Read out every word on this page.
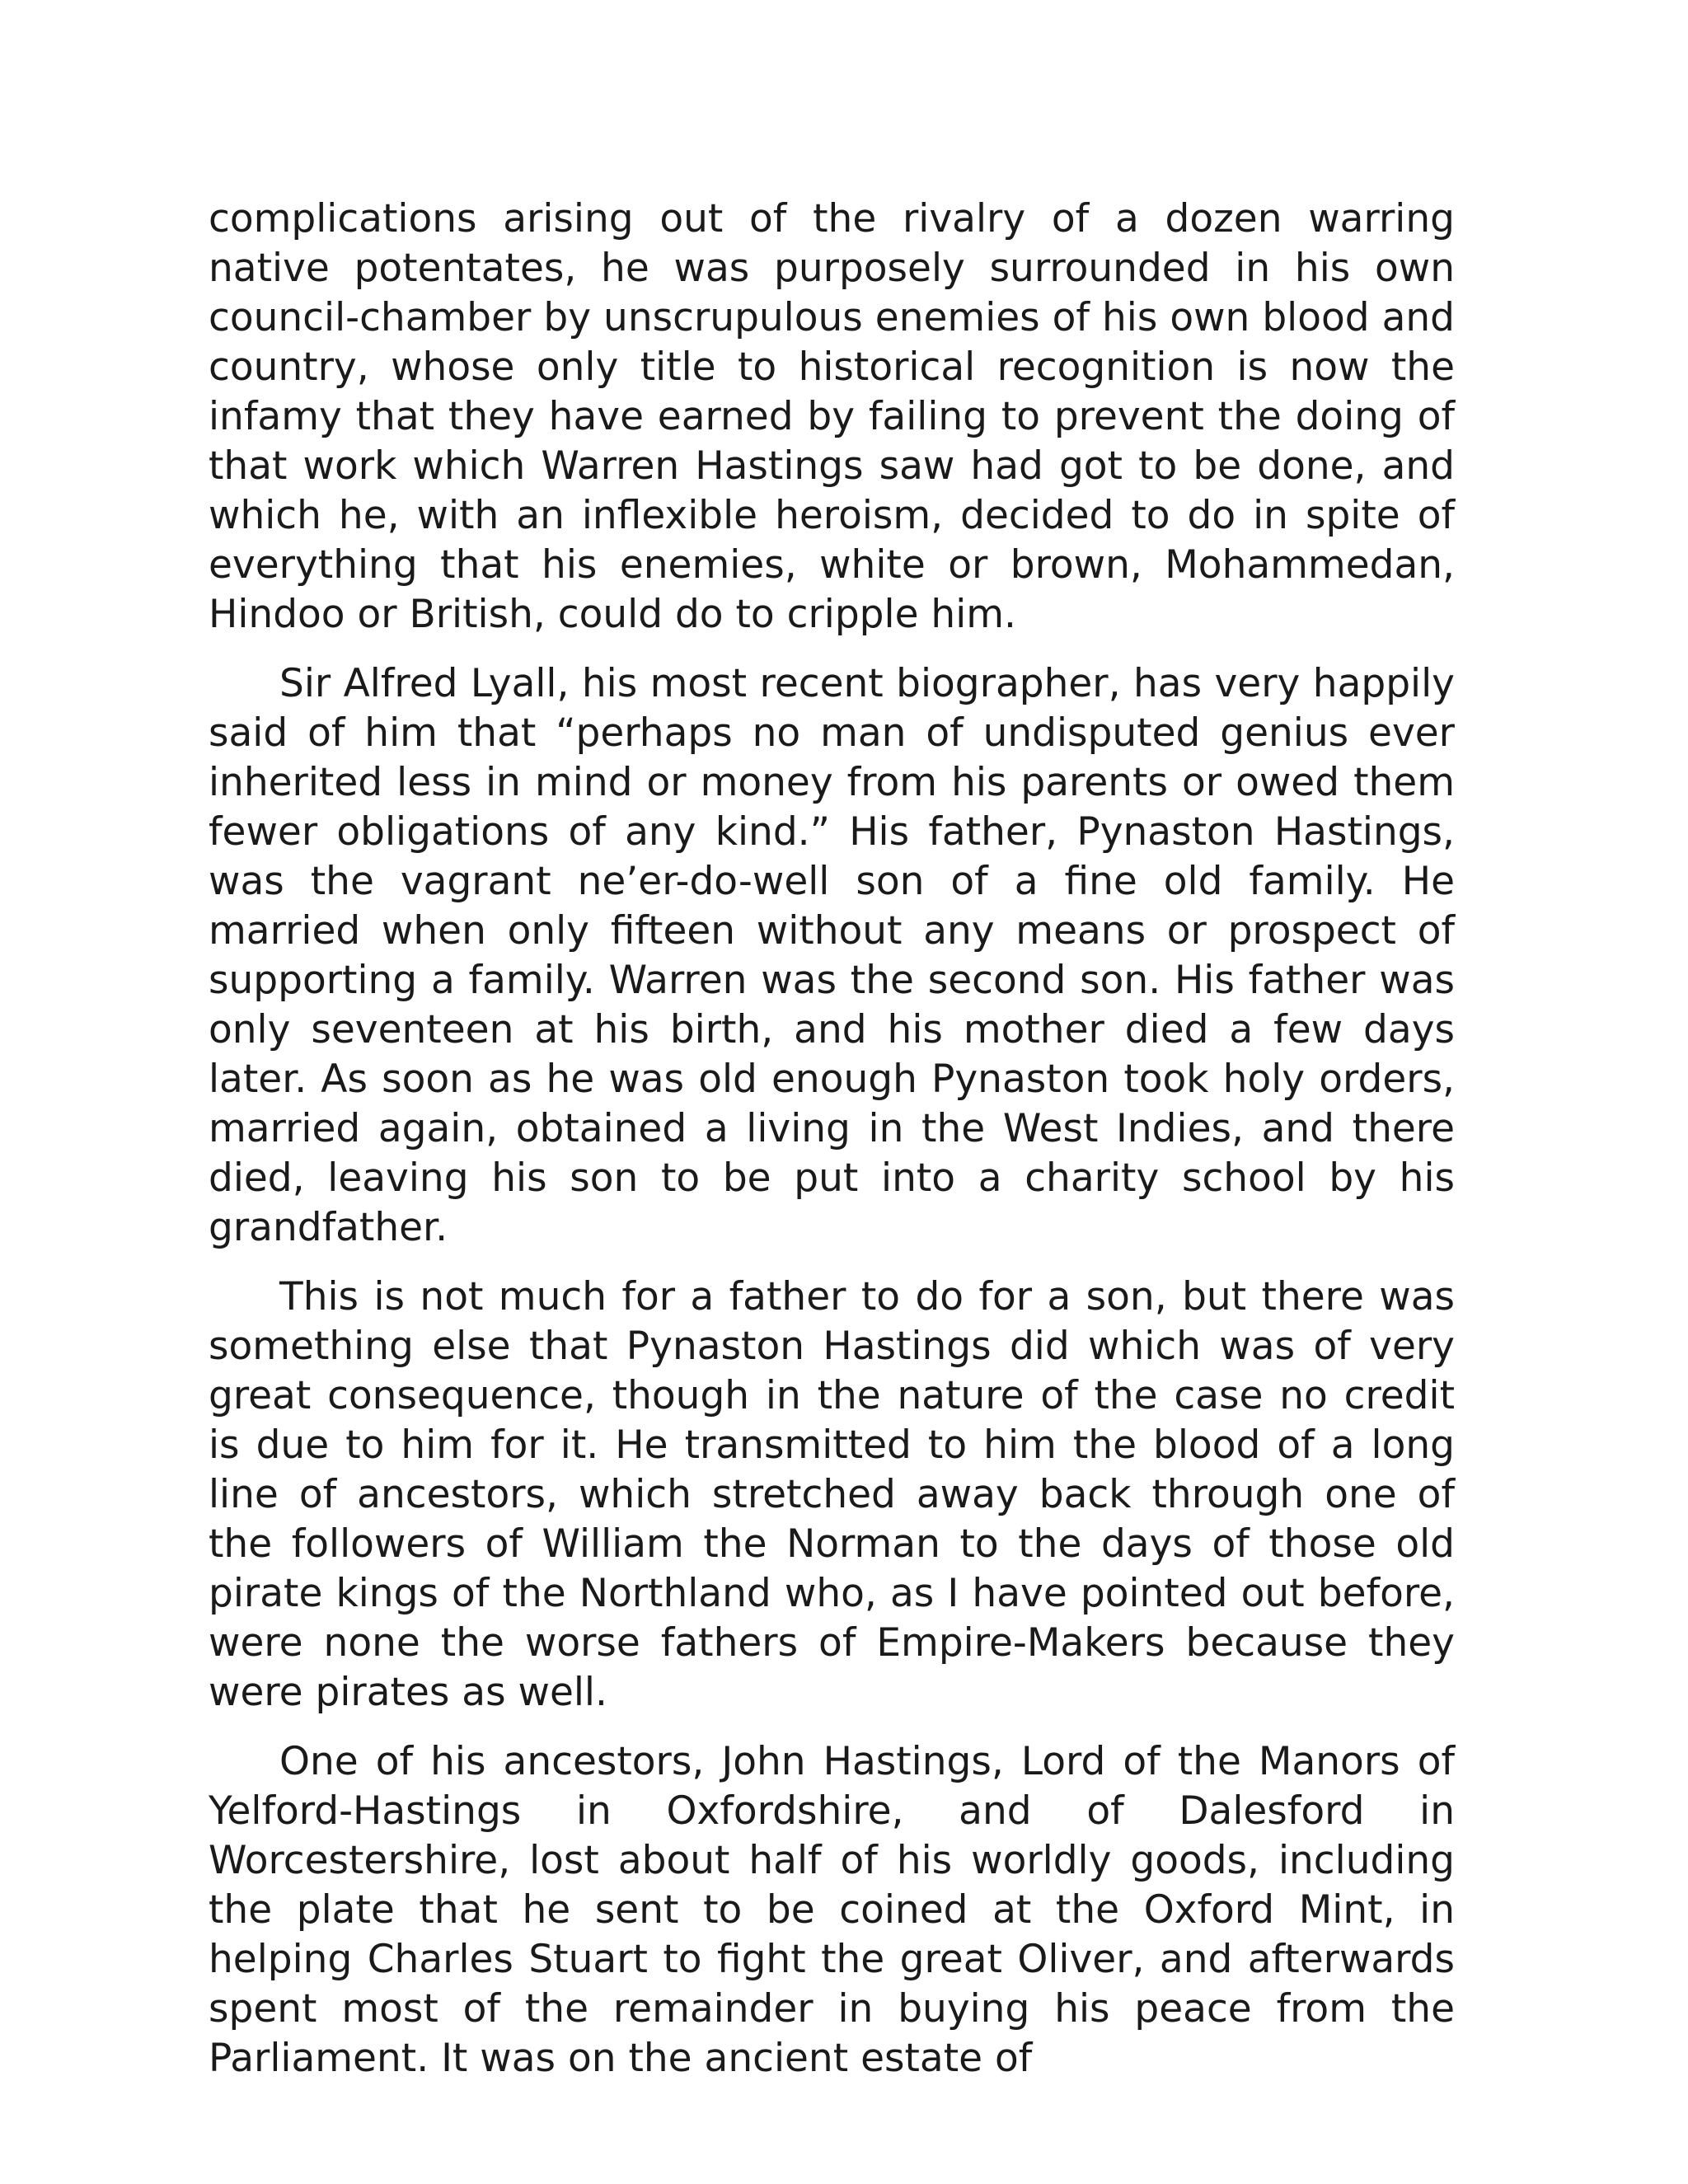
complications arising out of the rivalry of a dozen warring native potentates, he was purposely surrounded in his own council-chamber by unscrupulous enemies of his own blood and country, whose only title to historical recognition is now the infamy that they have earned by failing to prevent the doing of that work which Warren Hastings saw had got to be done, and which he, with an inflexible heroism, decided to do in spite of everything that his enemies, white or brown, Mohammedan, Hindoo or British, could do to cripple him.

Sir Alfred Lyall, his most recent biographer, has very happily said of him that “perhaps no man of undisputed genius ever inherited less in mind or money from his parents or owed them fewer obligations of any kind.” His father, Pynaston Hastings, was the vagrant ne’er-do-well son of a fine old family. He married when only fifteen without any means or prospect of supporting a family. Warren was the second son. His father was only seventeen at his birth, and his mother died a few days later. As soon as he was old enough Pynaston took holy orders, married again, obtained a living in the West Indies, and there died, leaving his son to be put into a charity school by his grandfather.

This is not much for a father to do for a son, but there was something else that Pynaston Hastings did which was of very great consequence, though in the nature of the case no credit is due to him for it. He transmitted to him the blood of a long line of ancestors, which stretched away back through one of the followers of William the Norman to the days of those old pirate kings of the Northland who, as I have pointed out before, were none the worse fathers of Empire-Makers because they were pirates as well.

One of his ancestors, John Hastings, Lord of the Manors of Yelford-Hastings in Oxfordshire, and of Dalesford in Worcestershire, lost about half of his worldly goods, including the plate that he sent to be coined at the Oxford Mint, in helping Charles Stuart to fight the great Oliver, and afterwards spent most of the remainder in buying his peace from the Parliament. It was on the ancient estate of
